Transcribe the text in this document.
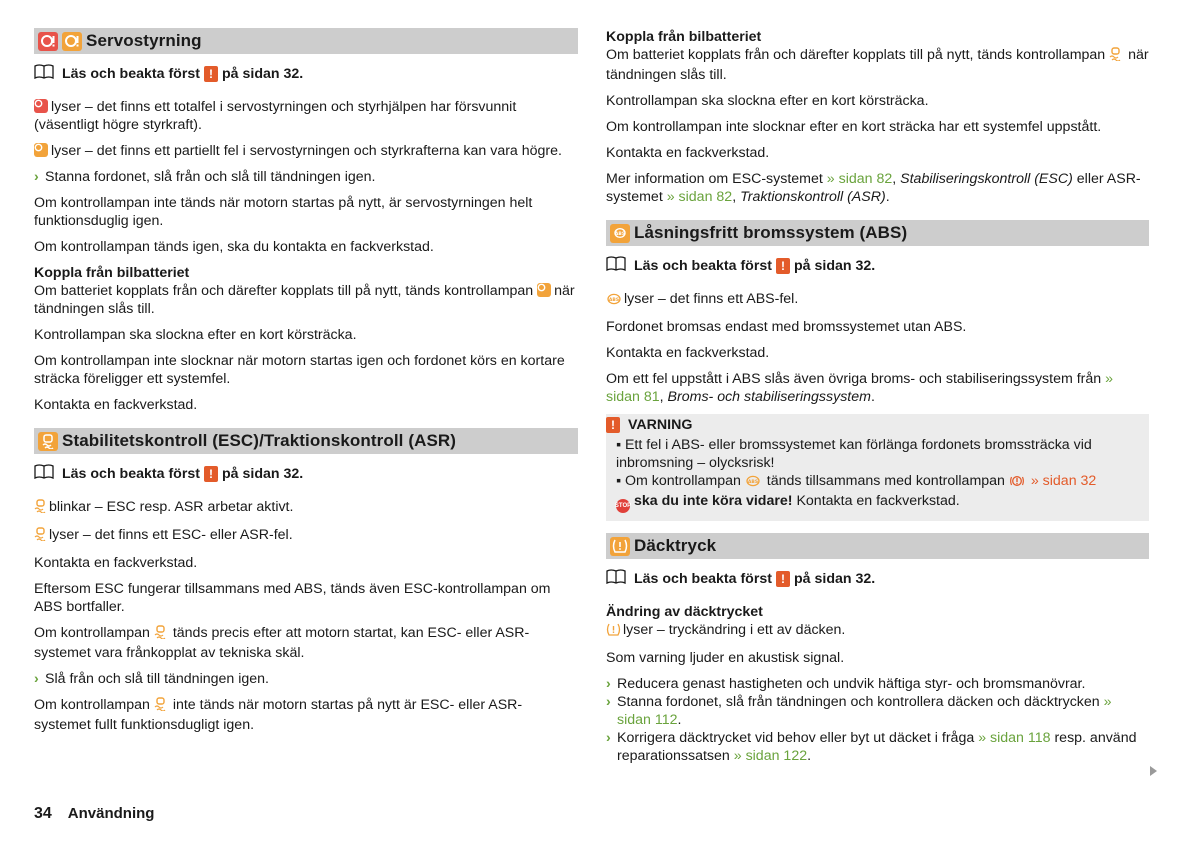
Servostyrning
Läs och beakta först ! på sidan 32.

lyser – det finns ett totalfel i servostyrningen och styrhjälpen har försvunnit (väsentligt högre styrkraft).

lyser – det finns ett partiellt fel i servostyrningen och styrkrafterna kan vara högre.

› Stanna fordonet, slå från och slå till tändningen igen.

Om kontrollampan inte tänds när motorn startas på nytt, är servostyrningen helt funktionsduglig igen.

Om kontrollampan tänds igen, ska du kontakta en fackverkstad.

Koppla från bilbatteriet

Om batteriet kopplats från och därefter kopplats till på nytt, tänds kontrollampan när tändningen slås till.

Kontrollampan ska slockna efter en kort körsträcka.

Om kontrollampan inte slocknar när motorn startas igen och fordonet körs en kortare sträcka föreligger ett systemfel.

Kontakta en fackverkstad.

Stabilitetskontroll (ESC)/Traktionskontroll (ASR)
Läs och beakta först ! på sidan 32.

blinkar – ESC resp. ASR arbetar aktivt.

lyser – det finns ett ESC- eller ASR-fel.

Kontakta en fackverkstad.

Eftersom ESC fungerar tillsammans med ABS, tänds även ESC-kontrollampan om ABS bortfaller.

Om kontrollampan tänds precis efter att motorn startat, kan ESC- eller ASR-systemet vara frånkopplat av tekniska skäl.

› Slå från och slå till tändningen igen.

Om kontrollampan inte tänds när motorn startas på nytt är ESC- eller ASR-systemet fullt funktionsdugligt igen.

Koppla från bilbatteriet

Om batteriet kopplats från och därefter kopplats till på nytt, tänds kontrollampan när tändningen slås till.

Kontrollampan ska slockna efter en kort körsträcka.

Om kontrollampan inte slocknar efter en kort sträcka har ett systemfel uppstått.

Kontakta en fackverkstad.

Mer information om ESC-systemet » sidan 82, Stabiliseringskontroll (ESC) eller ASR-systemet » sidan 82, Traktionskontroll (ASR).

ABS Låsningsfritt bromssystem (ABS)
Läs och beakta först ! på sidan 32.

ABS lyser – det finns ett ABS-fel.

Fordonet bromsas endast med bromssystemet utan ABS.

Kontakta en fackverkstad.

Om ett fel uppstått i ABS slås även övriga broms- och stabiliseringssystem från » sidan 81, Broms- och stabiliseringssystem.

! VARNING
▪ Ett fel i ABS- eller bromssystemet kan förlänga fordonets bromssträcka vid inbromsning – olycksrisk!
▪ Om kontrollampan ABS tänds tillsammans med kontrollampan » sidan 32
STOP ska du inte köra vidare! Kontakta en fackverkstad.
Däcktryck
Läs och beakta först ! på sidan 32.
Ändring av däcktrycket

lyser – tryckändring i ett av däcken.

Som varning ljuder en akustisk signal.

› Reducera genast hastigheten och undvik häftiga styr- och bromsmanövrar.
› Stanna fordonet, slå från tändningen och kontrollera däcken och däcktrycken » sidan 112.
› Korrigera däcktrycket vid behov eller byt ut däcket i fråga » sidan 118 resp. använd reparationssatsen » sidan 122.
34 Användning
